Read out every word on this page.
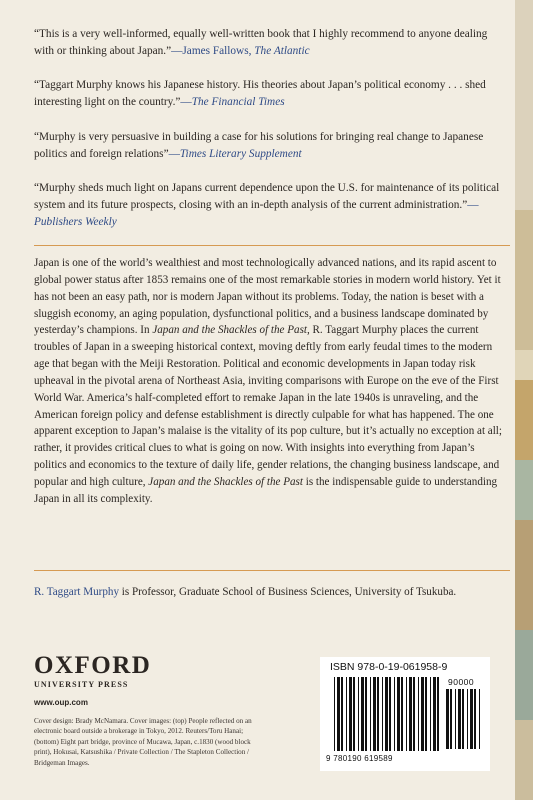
“This is a very well-informed, equally well-written book that I highly recommend to anyone dealing with or thinking about Japan.”—James Fallows, The Atlantic
“Taggart Murphy knows his Japanese history. His theories about Japan’s political economy . . . shed interesting light on the country.”—The Financial Times
“Murphy is very persuasive in building a case for his solutions for bringing real change to Japanese politics and foreign relations”—Times Literary Supplement
“Murphy sheds much light on Japans current dependence upon the U.S. for maintenance of its political system and its future prospects, closing with an in-depth analysis of the current administration.”—Publishers Weekly
Japan is one of the world’s wealthiest and most technologically advanced nations, and its rapid ascent to global power status after 1853 remains one of the most remarkable stories in modern world history. Yet it has not been an easy path, nor is modern Japan without its problems. Today, the nation is beset with a sluggish economy, an aging population, dysfunctional politics, and a business landscape dominated by yesterday’s champions. In Japan and the Shackles of the Past, R. Taggart Murphy places the current troubles of Japan in a sweeping historical context, moving deftly from early feudal times to the modern age that began with the Meiji Restoration. Political and economic developments in Japan today risk upheaval in the pivotal arena of Northeast Asia, inviting comparisons with Europe on the eve of the First World War. America’s half-completed effort to remake Japan in the late 1940s is unraveling, and the American foreign policy and defense establishment is directly culpable for what has happened. The one apparent exception to Japan’s malaise is the vitality of its pop culture, but it’s actually no exception at all; rather, it provides critical clues to what is going on now. With insights into everything from Japan’s politics and economics to the texture of daily life, gender relations, the changing business landscape, and popular and high culture, Japan and the Shackles of the Past is the indispensable guide to understanding Japan in all its complexity.
R. Taggart Murphy is Professor, Graduate School of Business Sciences, University of Tsukuba.
OXFORD
UNIVERSITY PRESS
www.oup.com
Cover design: Brady McNamara. Cover images: (top) People reflected on an electronic board outside a brokerage in Tokyo, 2012. Reuters/Toru Hanai; (bottom) Eight part bridge, province of Mucawa, Japan, c.1830 (wood block print), Hokusai, Katsushika / Private Collection / The Stapleton Collection / Bridgeman Images.
ISBN 978-0-19-061958-9
90000
9 780190 619589
